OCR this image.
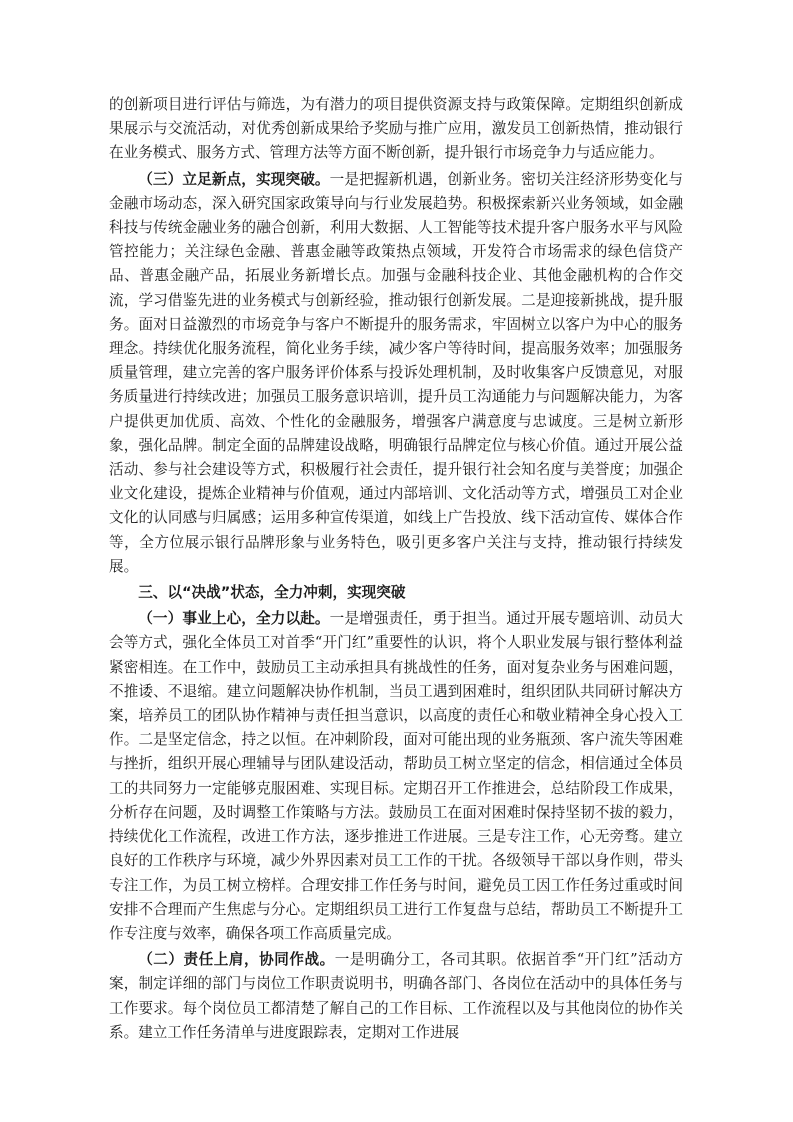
的创新项目进行评估与筛选，为有潜力的项目提供资源支持与政策保障。定期组织创新成果展示与交流活动，对优秀创新成果给予奖励与推广应用，激发员工创新热情，推动银行在业务模式、服务方式、管理方法等方面不断创新，提升银行市场竞争力与适应能力。

（三）立足新点，实现突破。一是把握新机遇，创新业务。密切关注经济形势变化与金融市场动态，深入研究国家政策导向与行业发展趋势。积极探索新兴业务领域，如金融科技与传统金融业务的融合创新，利用大数据、人工智能等技术提升客户服务水平与风险管控能力；关注绿色金融、普惠金融等政策热点领域，开发符合市场需求的绿色信贷产品、普惠金融产品，拓展业务新增长点。加强与金融科技企业、其他金融机构的合作交流，学习借鉴先进的业务模式与创新经验，推动银行创新发展。二是迎接新挑战，提升服务。面对日益激烈的市场竞争与客户不断提升的服务需求，牢固树立以客户为中心的服务理念。持续优化服务流程，简化业务手续，减少客户等待时间，提高服务效率；加强服务质量管理，建立完善的客户服务评价体系与投诉处理机制，及时收集客户反馈意见，对服务质量进行持续改进；加强员工服务意识培训，提升员工沟通能力与问题解决能力，为客户提供更加优质、高效、个性化的金融服务，增强客户满意度与忠诚度。三是树立新形象，强化品牌。制定全面的品牌建设战略，明确银行品牌定位与核心价值。通过开展公益活动、参与社会建设等方式，积极履行社会责任，提升银行社会知名度与美誉度；加强企业文化建设，提炼企业精神与价值观，通过内部培训、文化活动等方式，增强员工对企业文化的认同感与归属感；运用多种宣传渠道，如线上广告投放、线下活动宣传、媒体合作等，全方位展示银行品牌形象与业务特色，吸引更多客户关注与支持，推动银行持续发展。

三、以“决战”状态，全力冲刺，实现突破

（一）事业上心，全力以赴。一是增强责任，勇于担当。通过开展专题培训、动员大会等方式，强化全体员工对首季“开门红”重要性的认识，将个人职业发展与银行整体利益紧密相连。在工作中，鼓励员工主动承担具有挑战性的任务，面对复杂业务与困难问题，不推诿、不退缩。建立问题解决协作机制，当员工遇到困难时，组织团队共同研讨解决方案，培养员工的团队协作精神与责任担当意识，以高度的责任心和敬业精神全身心投入工作。二是坚定信念，持之以恒。在冲刺阶段，面对可能出现的业务瓶颈、客户流失等困难与挫折，组织开展心理辅导与团队建设活动，帮助员工树立坚定的信念，相信通过全体员工的共同努力一定能够克服困难、实现目标。定期召开工作推进会，总结阶段工作成果，分析存在问题，及时调整工作策略与方法。鼓励员工在面对困难时保持坚韧不拔的毅力，持续优化工作流程，改进工作方法，逐步推进工作进展。三是专注工作，心无旁骛。建立良好的工作秩序与环境，减少外界因素对员工工作的干扰。各级领导干部以身作则，带头专注工作，为员工树立榜样。合理安排工作任务与时间，避免员工因工作任务过重或时间安排不合理而产生焦虑与分心。定期组织员工进行工作复盘与总结，帮助员工不断提升工作专注度与效率，确保各项工作高质量完成。

（二）责任上肩，协同作战。一是明确分工，各司其职。依据首季“开门红”活动方案，制定详细的部门与岗位工作职责说明书，明确各部门、各岗位在活动中的具体任务与工作要求。每个岗位员工都清楚了解自己的工作目标、工作流程以及与其他岗位的协作关系。建立工作任务清单与进度跟踪表，定期对工作进展
